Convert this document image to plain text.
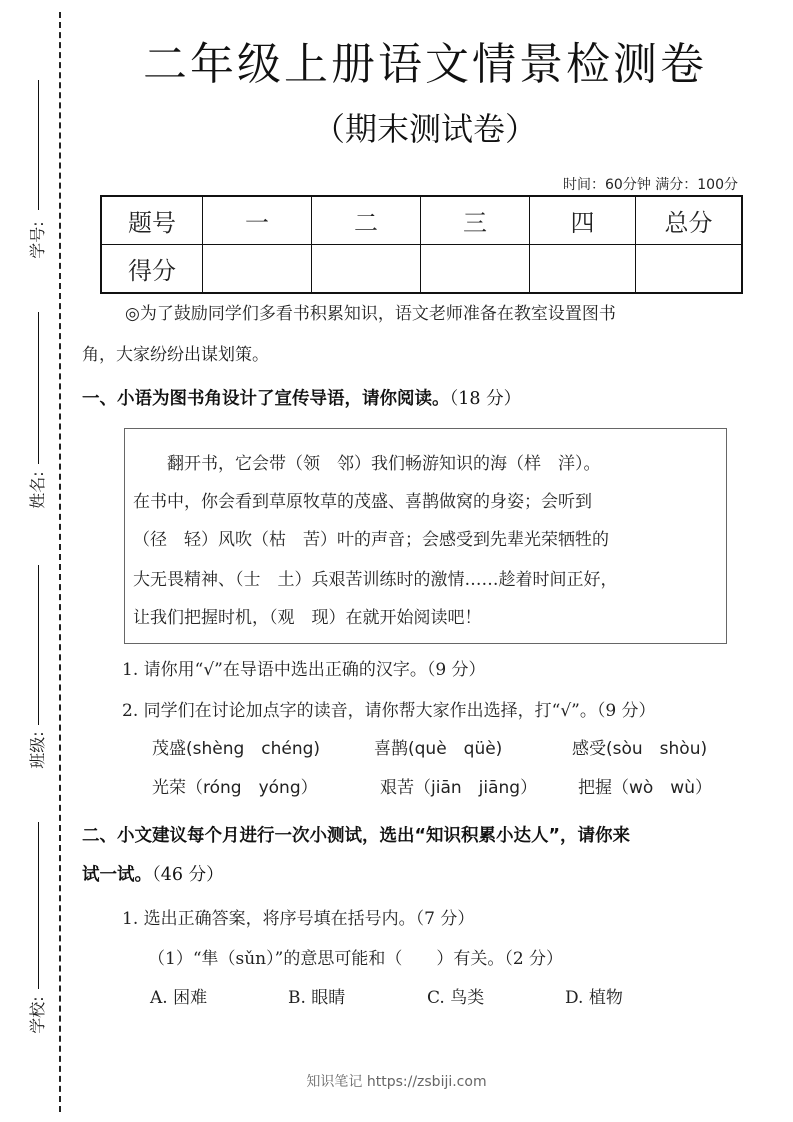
学号:
姓名:
班级:
学校:
二年级上册语文情景检测卷
（期末测试卷）
时间：60分钟 满分：100分
题号	一	二	三	四	总分
得分					
◎为了鼓励同学们多看书积累知识，语文老师准备在教室设置图书
角，大家纷纷出谋划策。
一、小语为图书角设计了宣传导语，请你阅读。（18 分）
翻开书，它会带（领　邻）我们畅游知识的海（样　洋）。
在书中，你会看到草原牧草的茂盛、喜鹊做窝的身姿；会听到
（径　轻）风吹（枯　苦）叶的声音；会感受到先辈光荣牺牲的
大无畏精神、（士　土）兵艰苦训练时的激情……趁着时间正好，
让我们把握时机，（观　现）在就开始阅读吧！
1. 请你用“√”在导语中选出正确的汉字。（9 分）
2. 同学们在讨论加点字的读音，请你帮大家作出选择，打“√”。（9 分）
茂盛(shèng　chéng)	喜鹊(què　qüè)	感受(sòu　shòu)
光荣（róng　yóng）	艰苦（jiān　jiāng） 把握（wò　wù）
二、小文建议每个月进行一次小测试，选出“知识积累小达人”，请你来
试一试。（46 分）
1. 选出正确答案，将序号填在括号内。（7 分）
（1）“隼（sǔn）”的意思可能和（　　）有关。（2 分）
A. 困难	B. 眼睛	C. 鸟类	D. 植物
知识笔记 https://zsbiji.com
